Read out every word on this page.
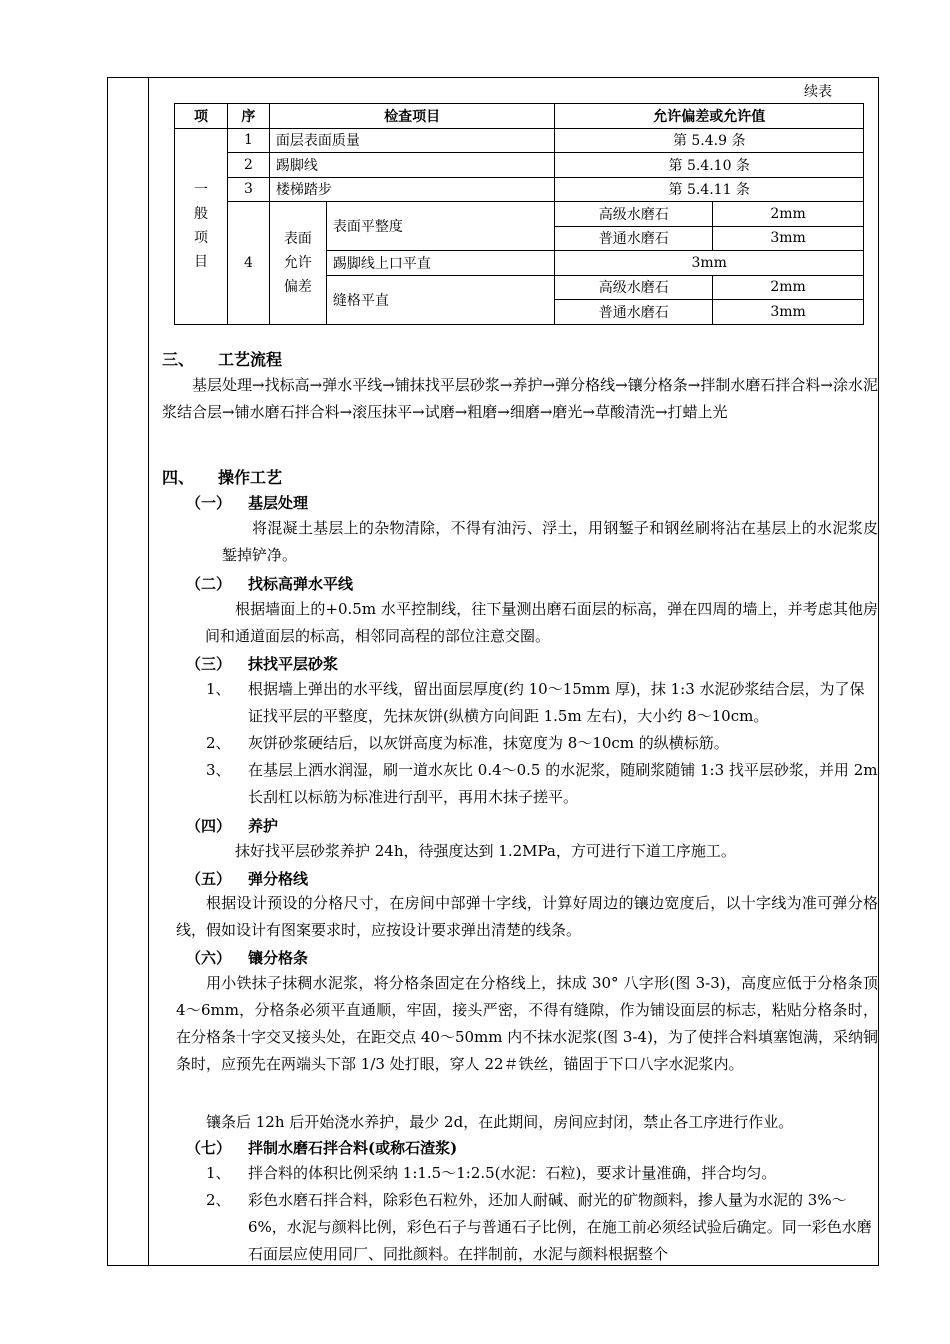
续表
项	序	检查项目		允许偏差或允许值	

一
般
项
目	1	面层表面质量		第 5.4.9 条	
	2	踢脚线		第 5.4.10 条	
	3	楼梯踏步		第 5.4.11 条	
	4	表面
允许
偏差	表面平整度	高级水磨石	2mm
				普通水磨石	3mm
			踢脚线上口平直	3mm	
			缝格平直	高级水磨石	2mm
				普通水磨石	3mm
三、 工艺流程
基层处理→找标高→弹水平线→铺抹找平层砂浆→养护→弹分格线→镶分格条→拌制水磨石拌合料→涂水泥浆结合层→铺水磨石拌合料→滚压抹平→试磨→粗磨→细磨→磨光→草酸清洗→打蜡上光
四、 操作工艺
（一） 基层处理
将混凝土基层上的杂物清除，不得有油污、浮土，用钢錾子和钢丝刷将沾在基层上的水泥浆皮錾掉铲净。
（二） 找标高弹水平线
根据墙面上的+0.5m 水平控制线，往下量测出磨石面层的标高，弹在四周的墙上，并考虑其他房间和通道面层的标高，相邻同高程的部位注意交圈。
（三） 抹找平层砂浆
1、	根据墙上弹出的水平线，留出面层厚度(约 10～15mm 厚)，抹 1:3 水泥砂浆结合层，为了保证找平层的平整度，先抹灰饼(纵横方向间距 1.5m 左右)，大小约 8～10cm。
2、	灰饼砂浆硬结后，以灰饼高度为标准，抹宽度为 8～10cm 的纵横标筋。
3、	在基层上洒水润湿，刷一道水灰比 0.4～0.5 的水泥浆，随刷浆随铺 1:3 找平层砂浆，并用 2m 长刮杠以标筋为标准进行刮平，再用木抹子搓平。
（四） 养护
抹好找平层砂浆养护 24h，待强度达到 1.2MPa，方可进行下道工序施工。
（五） 弹分格线
根据设计预设的分格尺寸，在房间中部弹十字线，计算好周边的镶边宽度后，以十字线为准可弹分格线，假如设计有图案要求时，应按设计要求弹出清楚的线条。
（六） 镶分格条
用小铁抹子抹稠水泥浆，将分格条固定在分格线上，抹成 30° 八字形(图 3-3)，高度应低于分格条顶 4～6mm，分格条必须平直通顺，牢固，接头严密，不得有缝隙，作为铺设面层的标志，粘贴分格条时，在分格条十字交叉接头处，在距交点 40～50mm 内不抹水泥浆(图 3-4)，为了使拌合料填塞饱满，采纳铜条时，应预先在两端头下部 1/3 处打眼，穿人 22＃铁丝，锚固于下口八字水泥浆内。
镶条后 12h 后开始浇水养护，最少 2d，在此期间，房间应封闭，禁止各工序进行作业。
（七） 拌制水磨石拌合料(或称石渣浆)
1、	拌合料的体积比例采纳 1:1.5～1:2.5(水泥：石粒)，要求计量准确，拌合均匀。
2、	彩色水磨石拌合料，除彩色石粒外，还加人耐碱、耐光的矿物颜料，掺人量为水泥的 3%～6%，水泥与颜料比例，彩色石子与普通石子比例，在施工前必须经试验后确定。同一彩色水磨石面层应使用同厂、同批颜料。在拌制前，水泥与颜料根据整个
